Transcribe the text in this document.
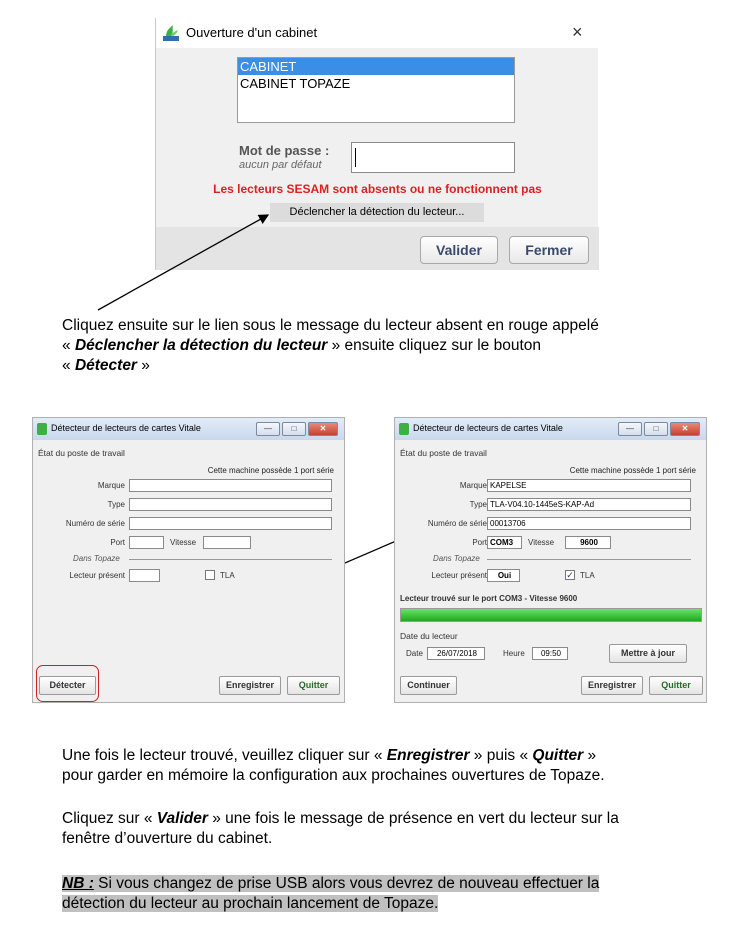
Ouverture d'un cabinet	×
CABINET
CABINET TOPAZE
Mot de passe :
aucun par défaut
Les lecteurs SESAM sont absents ou ne fonctionnent pas
Déclencher la détection du lecteur...
Valider	Fermer
Cliquez ensuite sur le lien sous le message du lecteur absent en rouge appelé
« Déclencher la détection du lecteur » ensuite cliquez sur le bouton
« Détecter »
Détecteur de lecteurs de cartes Vitale	—	□	✕
État du poste de travail
Cette machine possède 1 port série
Marque
Type
Numéro de série
Port	Vitesse
Dans Topaze
Lecteur présent	TLA
Détecter	Enregistrer	Quitter
Détecteur de lecteurs de cartes Vitale	—	□	✕
État du poste de travail
Cette machine possède 1 port série
Marque KAPELSE
Type TLA-V04.10-1445eS-KAP-Ad
Numéro de série 00013706
Port COM3	Vitesse	9600
Dans Topaze
Lecteur présent	Oui	✓ TLA
Lecteur trouvé sur le port COM3 - Vitesse 9600
Date du lecteur
Date	26/07/2018	Heure	09:50	Mettre à jour
Continuer	Enregistrer	Quitter
Une fois le lecteur trouvé, veuillez cliquer sur « Enregistrer » puis « Quitter »
pour garder en mémoire la configuration aux prochaines ouvertures de Topaze.
Cliquez sur « Valider » une fois le message de présence en vert du lecteur sur la
fenêtre d’ouverture du cabinet.
NB : Si vous changez de prise USB alors vous devrez de nouveau effectuer la
détection du lecteur au prochain lancement de Topaze.
